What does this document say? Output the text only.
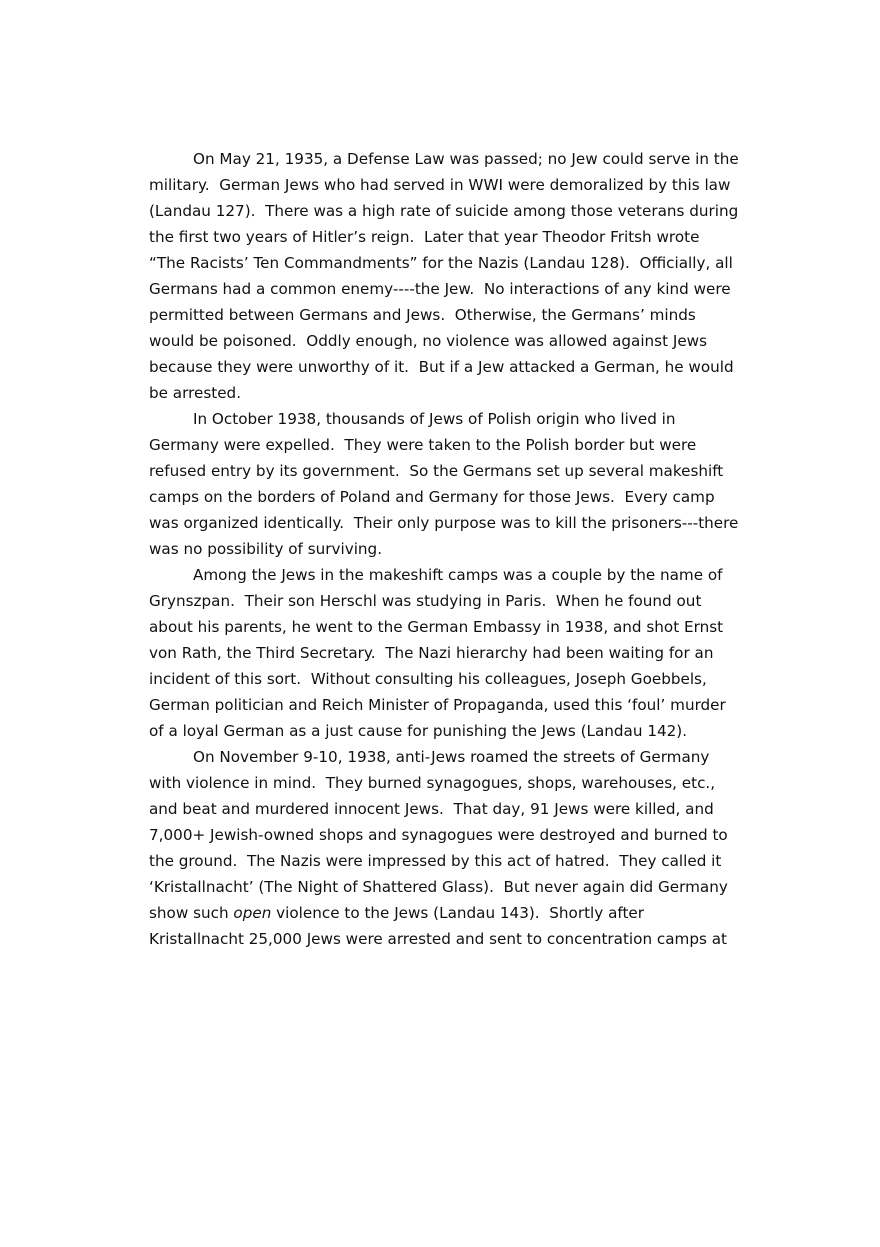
On May 21, 1935, a Defense Law was passed; no Jew could serve in the
military.  German Jews who had served in WWI were demoralized by this law
(Landau 127).  There was a high rate of suicide among those veterans during
the first two years of Hitler’s reign.  Later that year Theodor Fritsh wrote
“The Racists’ Ten Commandments” for the Nazis (Landau 128).  Officially, all
Germans had a common enemy----the Jew.  No interactions of any kind were
permitted between Germans and Jews.  Otherwise, the Germans’ minds
would be poisoned.  Oddly enough, no violence was allowed against Jews
because they were unworthy of it.  But if a Jew attacked a German, he would
be arrested.
In October 1938, thousands of Jews of Polish origin who lived in
Germany were expelled.  They were taken to the Polish border but were
refused entry by its government.  So the Germans set up several makeshift
camps on the borders of Poland and Germany for those Jews.  Every camp
was organized identically.  Their only purpose was to kill the prisoners---there
was no possibility of surviving.
Among the Jews in the makeshift camps was a couple by the name of
Grynszpan.  Their son Herschl was studying in Paris.  When he found out
about his parents, he went to the German Embassy in 1938, and shot Ernst
von Rath, the Third Secretary.  The Nazi hierarchy had been waiting for an
incident of this sort.  Without consulting his colleagues, Joseph Goebbels,
German politician and Reich Minister of Propaganda, used this ‘foul’ murder
of a loyal German as a just cause for punishing the Jews (Landau 142).
On November 9-10, 1938, anti-Jews roamed the streets of Germany
with violence in mind.  They burned synagogues, shops, warehouses, etc.,
and beat and murdered innocent Jews.  That day, 91 Jews were killed, and
7,000+ Jewish-owned shops and synagogues were destroyed and burned to
the ground.  The Nazis were impressed by this act of hatred.  They called it
‘Kristallnacht’ (The Night of Shattered Glass).  But never again did Germany
show such open violence to the Jews (Landau 143).  Shortly after
Kristallnacht 25,000 Jews were arrested and sent to concentration camps at
